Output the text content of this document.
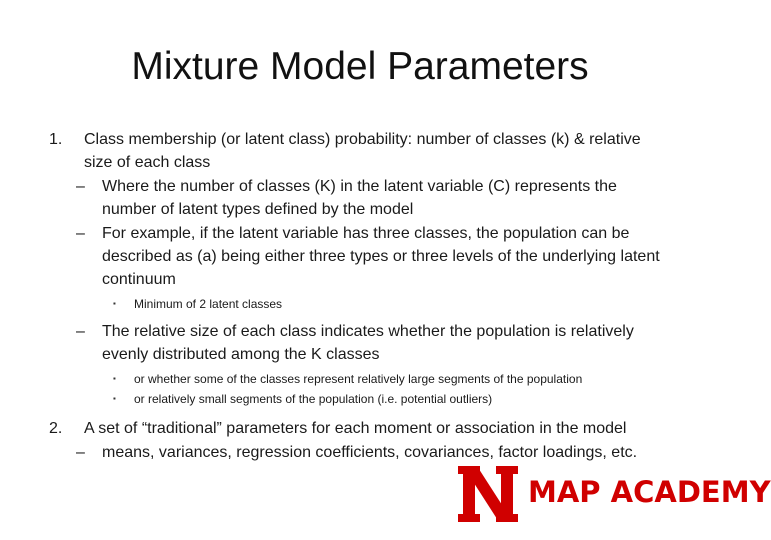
Mixture Model Parameters
1. Class membership (or latent class) probability: number of classes (k) & relative size of each class
– Where the number of classes (K) in the latent variable (C) represents the number of latent types defined by the model
– For example, if the latent variable has three classes, the population can be described as (a) being either three types or three levels of the underlying latent continuum
▪ Minimum of 2 latent classes
– The relative size of each class indicates whether the population is relatively evenly distributed among the K classes
▪ or whether some of the classes represent relatively large segments of the population
▪ or relatively small segments of the population (i.e. potential outliers)
2. A set of “traditional” parameters for each moment or association in the model
– means, variances, regression coefficients, covariances, factor loadings, etc.
MAP ACADEMY
